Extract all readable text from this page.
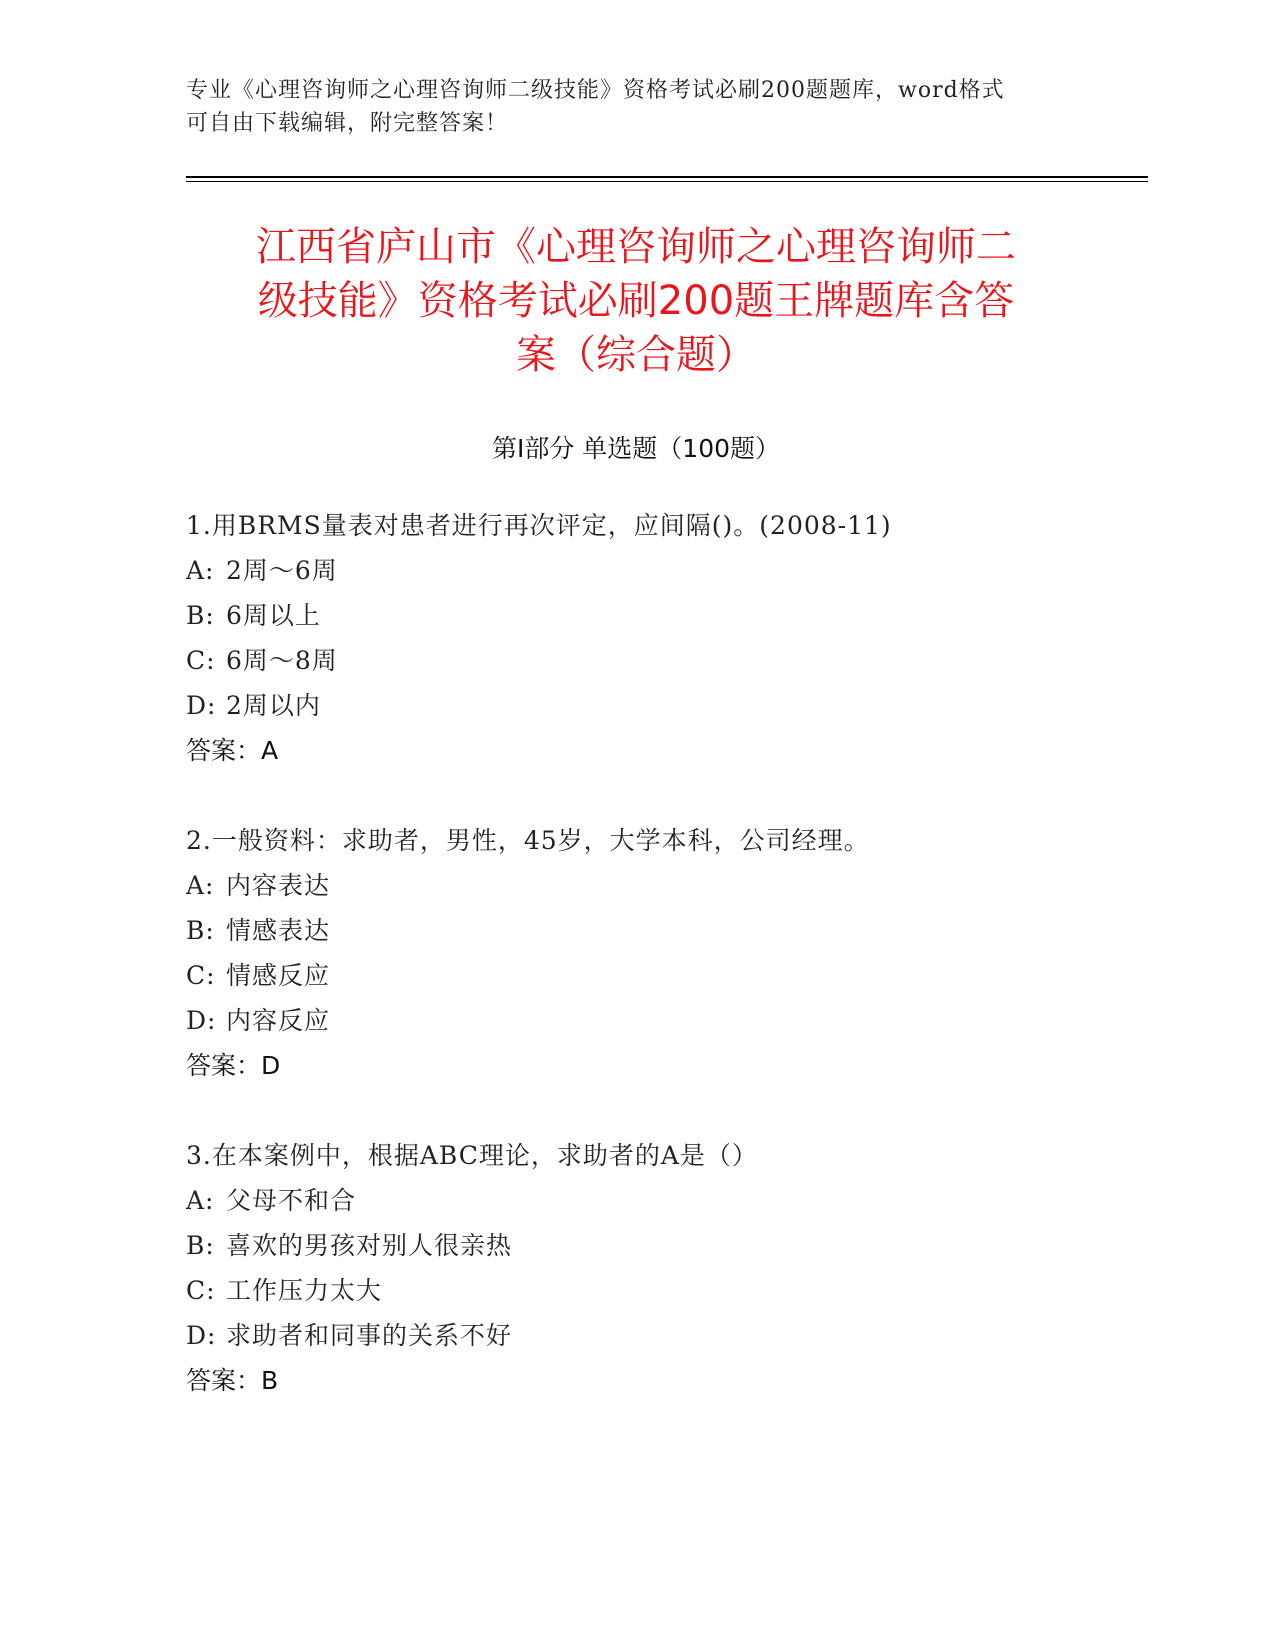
专业《心理咨询师之心理咨询师二级技能》资格考试必刷200题题库，word格式
可自由下载编辑，附完整答案！
江西省庐山市《心理咨询师之心理咨询师二
级技能》资格考试必刷200题王牌题库含答
案（综合题）
第I部分 单选题（100题）
1.用BRMS量表对患者进行再次评定，应间隔()。(2008-11)
A: 2周～6周
B: 6周以上
C: 6周～8周
D: 2周以内
答案：A
2.一般资料：求助者，男性，45岁，大学本科，公司经理。
A: 内容表达
B: 情感表达
C: 情感反应
D: 内容反应
答案：D
3.在本案例中，根据ABC理论，求助者的A是（）
A: 父母不和合
B: 喜欢的男孩对别人很亲热
C: 工作压力太大
D: 求助者和同事的关系不好
答案：B
